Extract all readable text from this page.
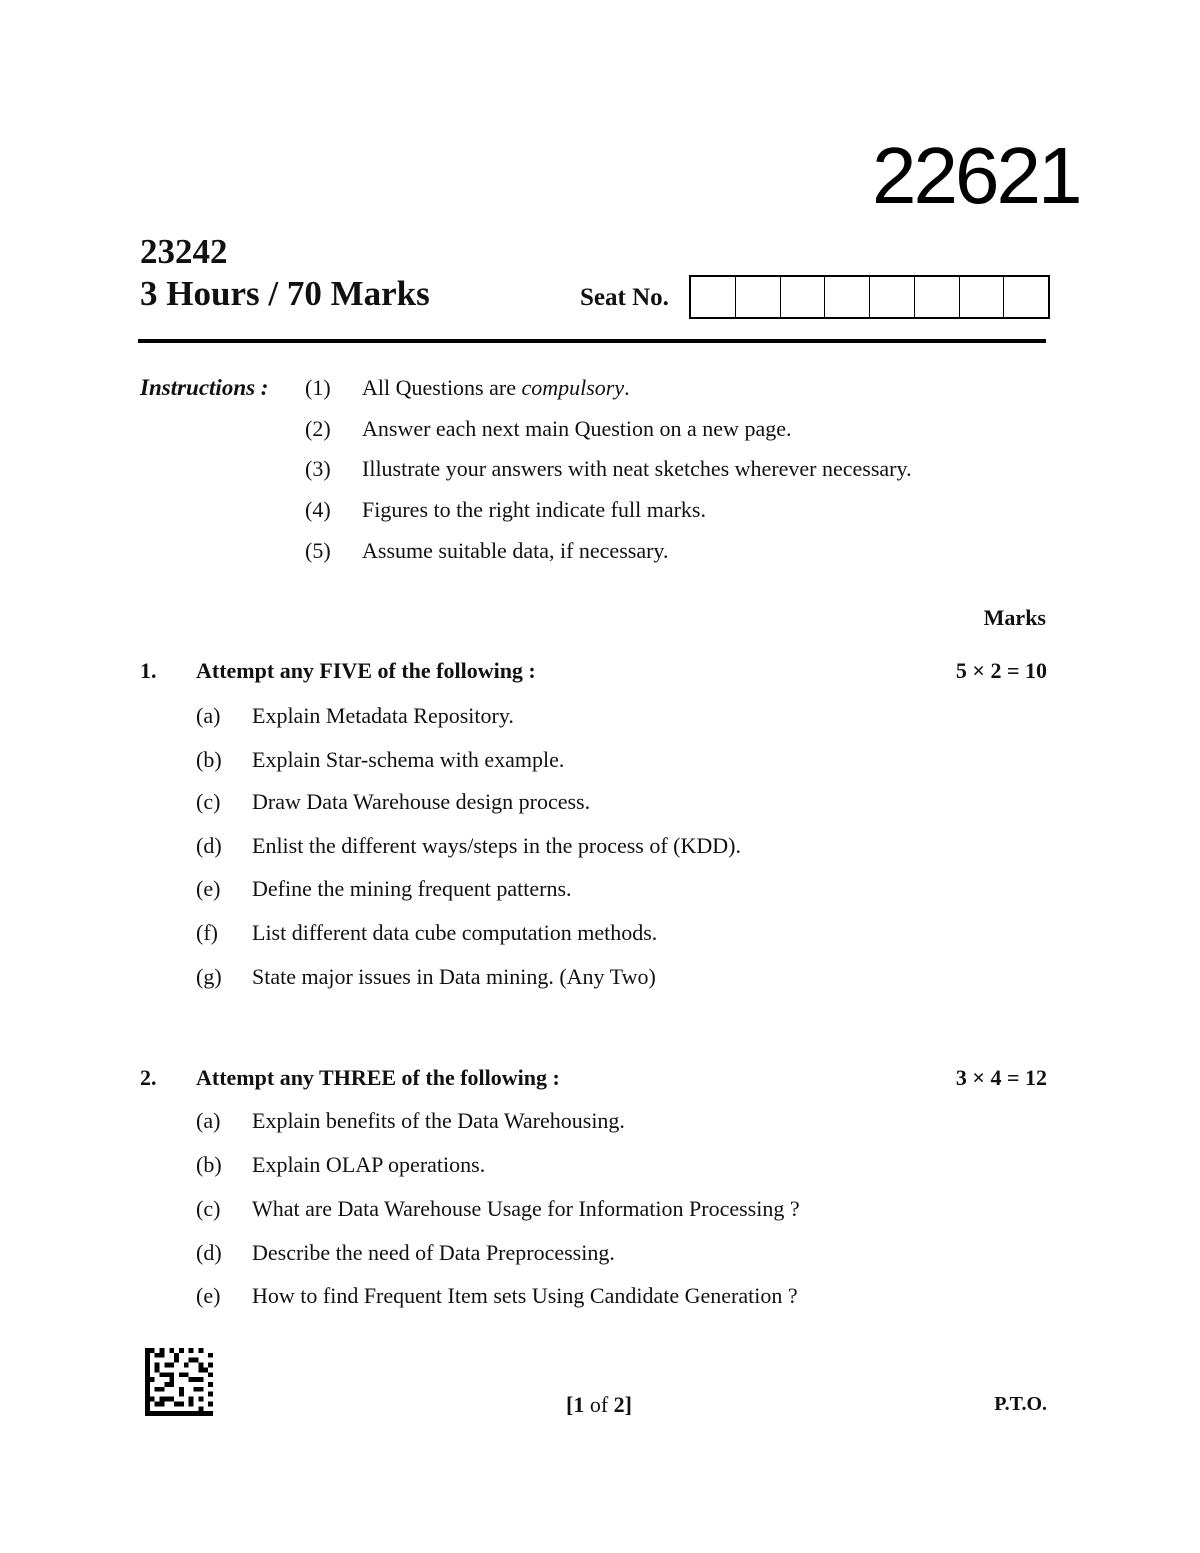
22621
23242
3 Hours / 70 Marks	Seat No.
Instructions : (1) All Questions are compulsory.
(2) Answer each next main Question on a new page.
(3) Illustrate your answers with neat sketches wherever necessary.
(4) Figures to the right indicate full marks.
(5) Assume suitable data, if necessary.
Marks
1. Attempt any FIVE of the following :	5 × 2 = 10
(a) Explain Metadata Repository.
(b) Explain Star-schema with example.
(c) Draw Data Warehouse design process.
(d) Enlist the different ways/steps in the process of (KDD).
(e) Define the mining frequent patterns.
(f) List different data cube computation methods.
(g) State major issues in Data mining. (Any Two)
2. Attempt any THREE of the following :	3 × 4 = 12
(a) Explain benefits of the Data Warehousing.
(b) Explain OLAP operations.
(c) What are Data Warehouse Usage for Information Processing ?
(d) Describe the need of Data Preprocessing.
(e) How to find Frequent Item sets Using Candidate Generation ?
[1 of 2]	P.T.O.
